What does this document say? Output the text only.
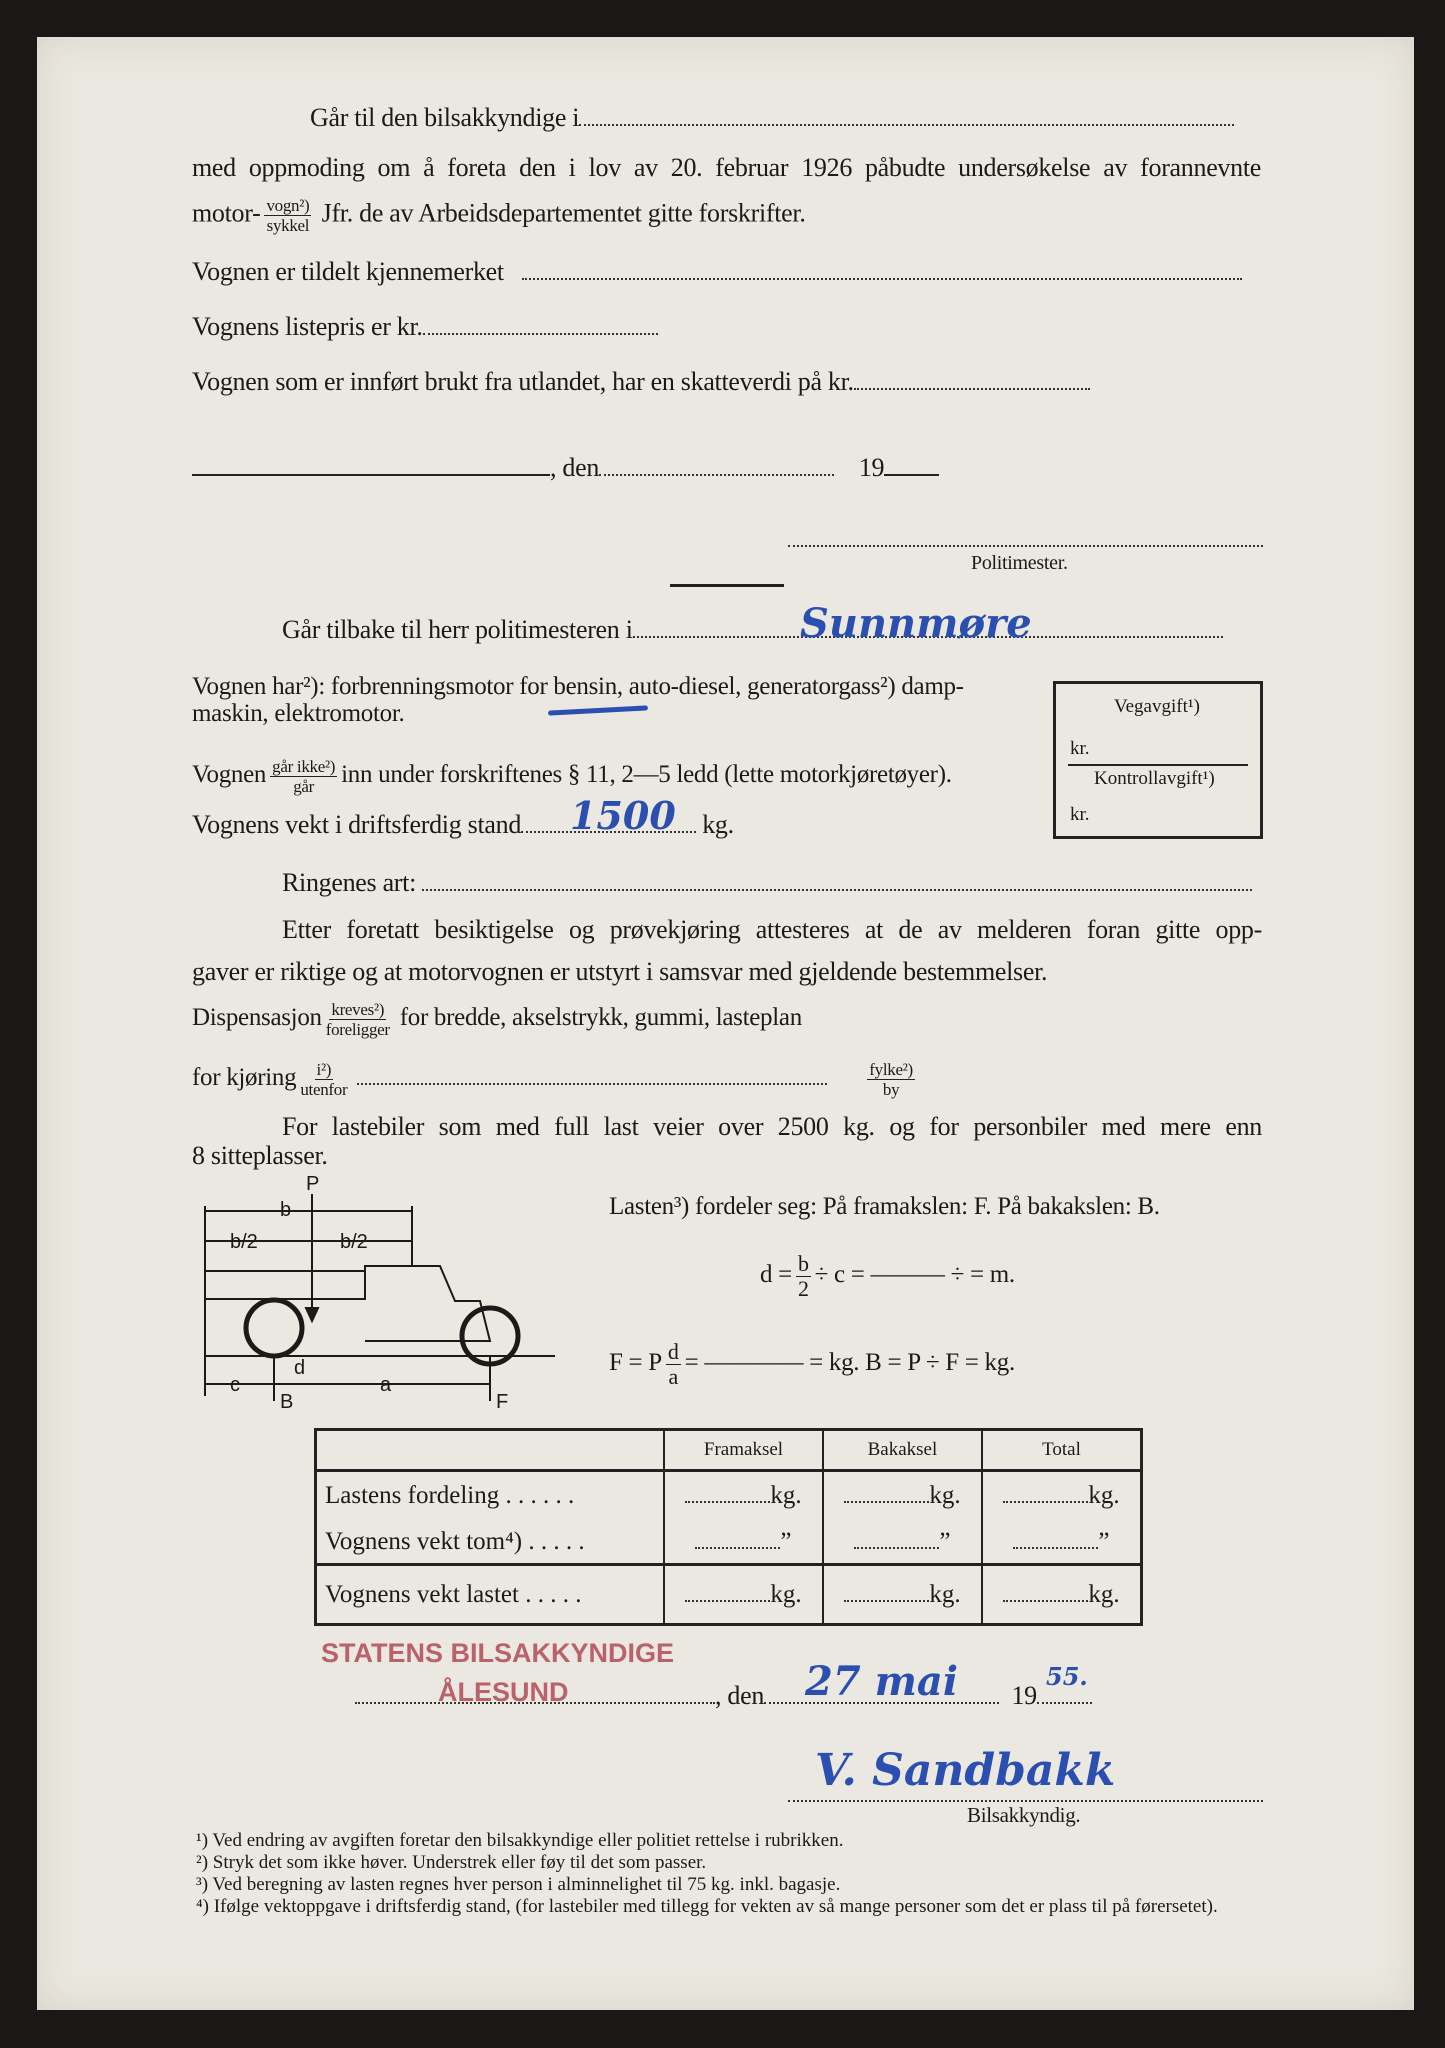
Går til den bilsakkyndige i
med oppmoding om å foreta den i lov av 20. februar 1926 påbudte undersøkelse av forannevnte
motor- $\frac{\text{vogn²)}}{\text{sykkel}}$ Jfr. de av Arbeidsdepartementet gitte forskrifter.
Vognen er tildelt kjennemerket
Vognens listepris er kr.
Vognen som er innført brukt fra utlandet, har en skatteverdi på kr.
, den	19
Politimester.
Går tilbake til herr politimesteren i	Sunnmøre
Vognen har²): forbrenningsmotor for bensin, auto-diesel, generatorgass²) damp-
maskin, elektromotor.
Vognen $\frac{\text{går ikke²)}}{\text{går}}$ inn under forskriftenes § 11, 2—5 ledd (lette motorkjøretøyer).
Vognens vekt i driftsferdig stand	kg.
1500
Ringenes art:
Vegavgift¹)
kr.
Kontrollavgift¹)
kr.
Etter foretatt besiktigelse og prøvekjøring attesteres at de av melderen foran gitte opp-
gaver er riktige og at motorvognen er utstyrt i samsvar med gjeldende bestemmelser.
Dispensasjon $\frac{\text{kreves²)}}{\text{foreligger}}$ for bredde, akselstrykk, gummi, lasteplan
for kjøring $\frac{\text{i²)}}{\text{utenfor}}$
	$\frac{\text{fylke²)}}{by}$
For lastebiler som med full last veier over 2500 kg. og for personbiler med mere enn
8 sitteplasser.
P
b
b/2	b/2
d
c	a
B	F
Lasten³) fordeler seg: På framakslen: F. På bakakslen: B.
$d = \frac{b}{2} \div c$ = ——— ÷ = m.
F = P $\frac{d}{a}$ = ———— = kg. B = P ÷ F = kg.
	Framaksel	Bakaksel	Total
Lastens fordeling . . . . . .	kg.	kg.	kg.
Vognens vekt tom⁴) . . . . .	”	”	”
Vognens vekt lastet . . . . .	kg.	kg.	kg.
STATENS BILSAKKYNDIGE
ÅLESUND	, den	19
27 mai	55.
V. Sandbakk
Bilsakkyndig.
¹) Ved endring av avgiften foretar den bilsakkyndige eller politiet rettelse i rubrikken.
²) Stryk det som ikke høver. Understrek eller føy til det som passer.
³) Ved beregning av lasten regnes hver person i alminnelighet til 75 kg. inkl. bagasje.
⁴) Ifølge vektoppgave i driftsferdig stand, (for lastebiler med tillegg for vekten av så mange personer som det er plass til på førersetet).
